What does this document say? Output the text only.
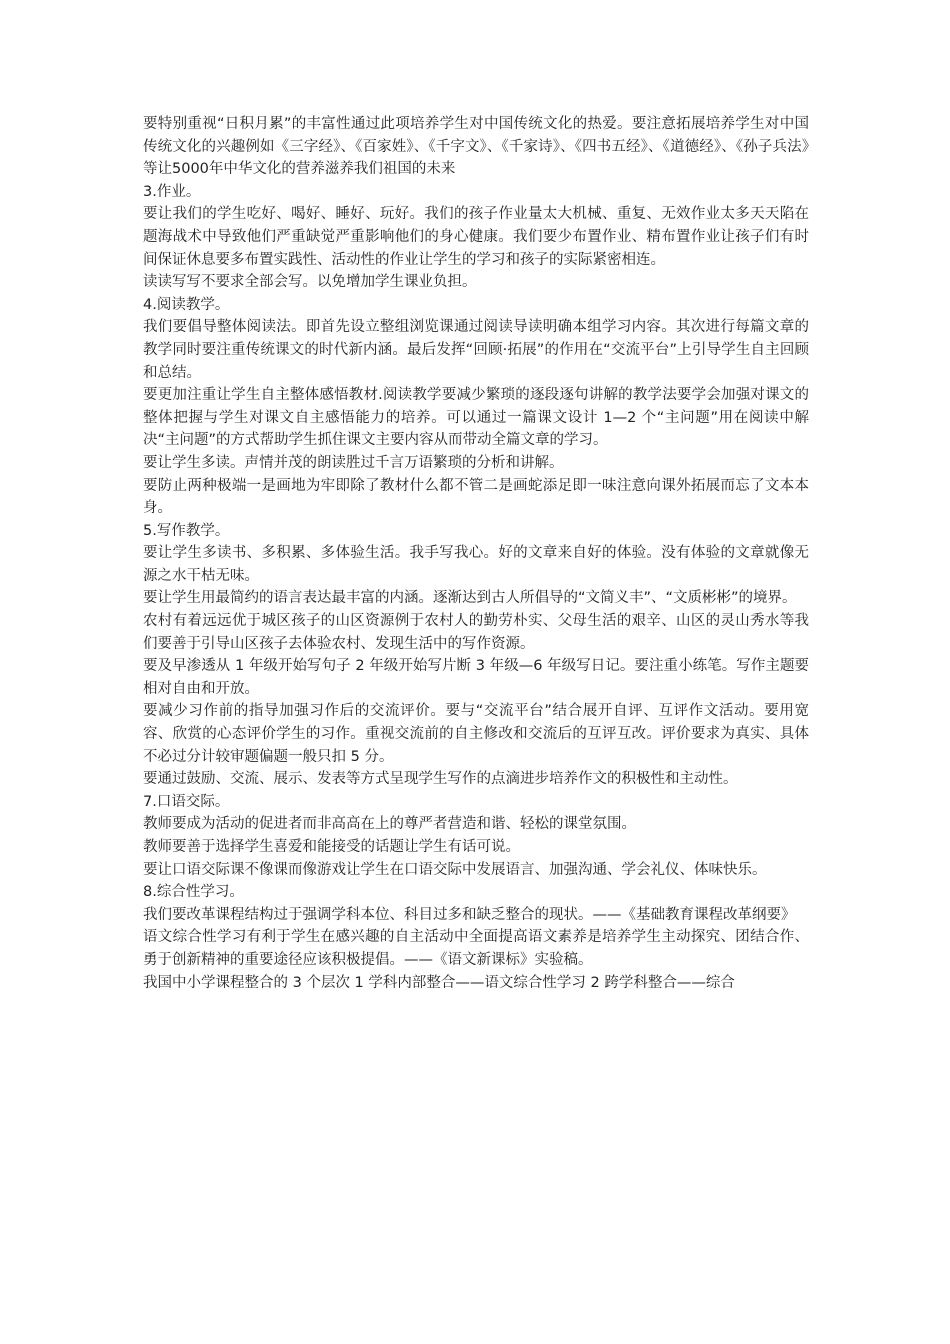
要特别重视“日积月累”的丰富性通过此项培养学生对中国传统文化的热爱。要注意拓展培养学生对中国传统文化的兴趣例如《三字经》、《百家姓》、《千字文》、《千家诗》、《四书五经》、《道德经》、《孙子兵法》等让5000年中华文化的营养滋养我们祖国的未来

3.作业。

要让我们的学生吃好、喝好、睡好、玩好。我们的孩子作业量太大机械、重复、无效作业太多天天陷在题海战术中导致他们严重缺觉严重影响他们的身心健康。我们要少布置作业、精布置作业让孩子们有时间保证休息要多布置实践性、活动性的作业让学生的学习和孩子的实际紧密相连。

读读写写不要求全部会写。以免增加学生课业负担。

4.阅读教学。

我们要倡导整体阅读法。即首先设立整组浏览课通过阅读导读明确本组学习内容。其次进行每篇文章的教学同时要注重传统课文的时代新内涵。最后发挥“回顾·拓展”的作用在“交流平台”上引导学生自主回顾和总结。

要更加注重让学生自主整体感悟教材.阅读教学要减少繁琐的逐段逐句讲解的教学法要学会加强对课文的整体把握与学生对课文自主感悟能力的培养。可以通过一篇课文设计 1—2 个“主问题”用在阅读中解决“主问题”的方式帮助学生抓住课文主要内容从而带动全篇文章的学习。

要让学生多读。声情并茂的朗读胜过千言万语繁琐的分析和讲解。

要防止两种极端一是画地为牢即除了教材什么都不管二是画蛇添足即一味注意向课外拓展而忘了文本本身。

5.写作教学。

要让学生多读书、多积累、多体验生活。我手写我心。好的文章来自好的体验。没有体验的文章就像无源之水干枯无味。

要让学生用最简约的语言表达最丰富的内涵。逐渐达到古人所倡导的“文简义丰”、“文质彬彬”的境界。

农村有着远远优于城区孩子的山区资源例于农村人的勤劳朴实、父母生活的艰辛、山区的灵山秀水等我们要善于引导山区孩子去体验农村、发现生活中的写作资源。

要及早渗透从 1 年级开始写句子 2 年级开始写片断 3 年级—6 年级写日记。要注重小练笔。写作主题要相对自由和开放。

要减少习作前的指导加强习作后的交流评价。要与“交流平台”结合展开自评、互评作文活动。要用宽容、欣赏的心态评价学生的习作。重视交流前的自主修改和交流后的互评互改。评价要求为真实、具体不必过分计较审题偏题一般只扣 5 分。

要通过鼓励、交流、展示、发表等方式呈现学生写作的点滴进步培养作文的积极性和主动性。

7.口语交际。

教师要成为活动的促进者而非高高在上的尊严者营造和谐、轻松的课堂氛围。

教师要善于选择学生喜爱和能接受的话题让学生有话可说。

要让口语交际课不像课而像游戏让学生在口语交际中发展语言、加强沟通、学会礼仪、体味快乐。

8.综合性学习。

我们要改革课程结构过于强调学科本位、科目过多和缺乏整合的现状。——《基础教育课程改革纲要》

语文综合性学习有利于学生在感兴趣的自主活动中全面提高语文素养是培养学生主动探究、团结合作、勇于创新精神的重要途径应该积极提倡。——《语文新课标》实验稿。

我国中小学课程整合的 3 个层次 1 学科内部整合——语文综合性学习 2 跨学科整合——综合
